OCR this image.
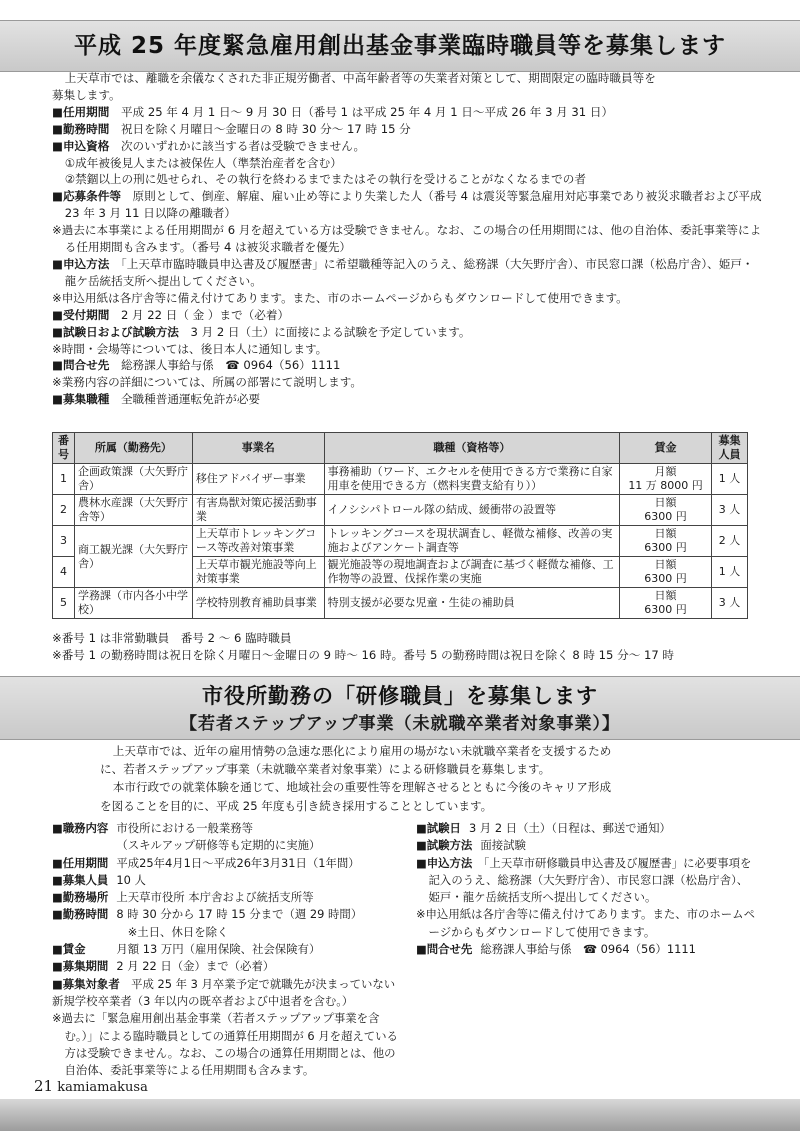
平成 25 年度緊急雇用創出基金事業臨時職員等を募集します

上天草市では、離職を余儀なくされた非正規労働者、中高年齢者等の失業者対策として、期間限定の臨時職員等を

募集します。

■任用期間　 平成 25 年 4 月 1 日～ 9 月 30 日（番号 1 は平成 25 年 4 月 1 日～平成 26 年 3 月 31 日）

■勤務時間　 祝日を除く月曜日～金曜日の 8 時 30 分～ 17 時 15 分

■申込資格　 次のいずれかに該当する者は受験できません。

①成年被後見人または被保佐人（準禁治産者を含む）

②禁錮以上の刑に処せられ、その執行を終わるまでまたはその執行を受けることがなくなるまでの者

■応募条件等　 原則として、倒産、解雇、雇い止め等により失業した人（番号 4 は震災等緊急雇用対応事業であり被災求職者および平成 23 年 3 月 11 日以降の離職者）

※過去に本事業による任用期間が 6 月を超えている方は受験できません。なお、この場合の任用期間には、他の自治体、委託事業等による任用期間も含みます。（番号 4 は被災求職者を優先）

■申込方法　 「上天草市臨時職員申込書及び履歴書」に希望職種等記入のうえ、総務課（大矢野庁舎）、市民窓口課（松島庁舎）、姫戸・龍ケ岳統括支所へ提出してください。

※申込用紙は各庁舎等に備え付けてあります。また、市のホームページからもダウンロードして使用できます。

■受付期間　 2 月 22 日（ 金 ）まで（必着）

■試験日および試験方法　 3 月 2 日（土）に面接による試験を予定しています。

※時間・会場等については、後日本人に通知します。

■問合せ先　 総務課人事給与係　☎ 0964（56）1111

※業務内容の詳細については、所属の部署にて説明します。

■募集職種　 全職種普通運転免許が必要

番号	所属（勤務先）	事業名	職種（資格等）	賃金	募集人員
1	企画政策課（大矢野庁舎）	移住アドバイザー事業	事務補助（ワード、エクセルを使用できる方で業務に自家用車を使用できる方（燃料実費支給有り））	月額
11 万 8000 円	1 人
2	農林水産課（大矢野庁舎等）	有害鳥獣対策応援活動事業	イノシシパトロール隊の結成、緩衝帯の設置等	日額
6300 円	3 人
3	商工観光課（大矢野庁舎）	上天草市トレッキングコース等改善対策事業	トレッキングコースを現状調査し、軽微な補修、改善の実施およびアンケート調査等	日額
6300 円	2 人
4		上天草市観光施設等向上対策事業	観光施設等の現地調査および調査に基づく軽微な補修、工作物等の設置、伐採作業の実施	日額
6300 円	1 人
5	学務課（市内各小中学校）	学校特別教育補助員事業	特別支援が必要な児童・生徒の補助員	日額
6300 円	3 人

※番号 1 は非常勤職員　番号 2 ～ 6 臨時職員

※番号 1 の勤務時間は祝日を除く月曜日～金曜日の 9 時～ 16 時。番号 5 の勤務時間は祝日を除く 8 時 15 分～ 17 時

市役所勤務の「研修職員」を募集します
【若者ステップアップ事業（未就職卒業者対象事業）】

上天草市では、近年の雇用情勢の急速な悪化により雇用の場がない未就職卒業者を支援するため

に、若者ステップアップ事業（未就職卒業者対象事業）による研修職員を募集します。

本市行政での就業体験を通じて、地域社会の重要性等を理解させるとともに今後のキャリア形成

を図ることを目的に、平成 25 年度も引き続き採用することとしています。

■職務内容 市役所における一般業務等
（スキルアップ研修等も定期的に実施）
■任用期間 平成25年4月1日～平成26年3月31日（1年間）
■募集人員 10 人
■勤務場所 上天草市役所 本庁舎および統括支所等
■勤務時間 8 時 30 分から 17 時 15 分まで（週 29 時間）
　※土日、休日を除く
■賃金
　　	月額 13 万円（雇用保険、社会保険有）
■募集期間 2 月 22 日（金）まで（必着）

■募集対象者　 平成 25 年 3 月卒業予定で就職先が決まっていない新規学校卒業者（3 年以内の既卒者および中退者を含む。）

※過去に「緊急雇用創出基金事業（若者ステップアップ事業を含む。）」による臨時職員としての通算任用期間が 6 月を超えている方は受験できません。なお、この場合の通算任用期間とは、他の自治体、委託事業等による任用期間も含みます。

■試験日 3 月 2 日（土）（日程は、郵送で通知）
■試験方法 面接試験

■申込方法　 「上天草市研修職員申込書及び履歴書」に必要事項を記入のうえ、総務課（大矢野庁舎）、市民窓口課（松島庁舎）、姫戸・龍ケ岳統括支所へ提出してください。

※申込用紙は各庁舎等に備え付けてあります。また、市のホームページからもダウンロードして使用できます。

■問合せ先 総務課人事給与係　☎ 0964（56）1111
21 kamiamakusa
